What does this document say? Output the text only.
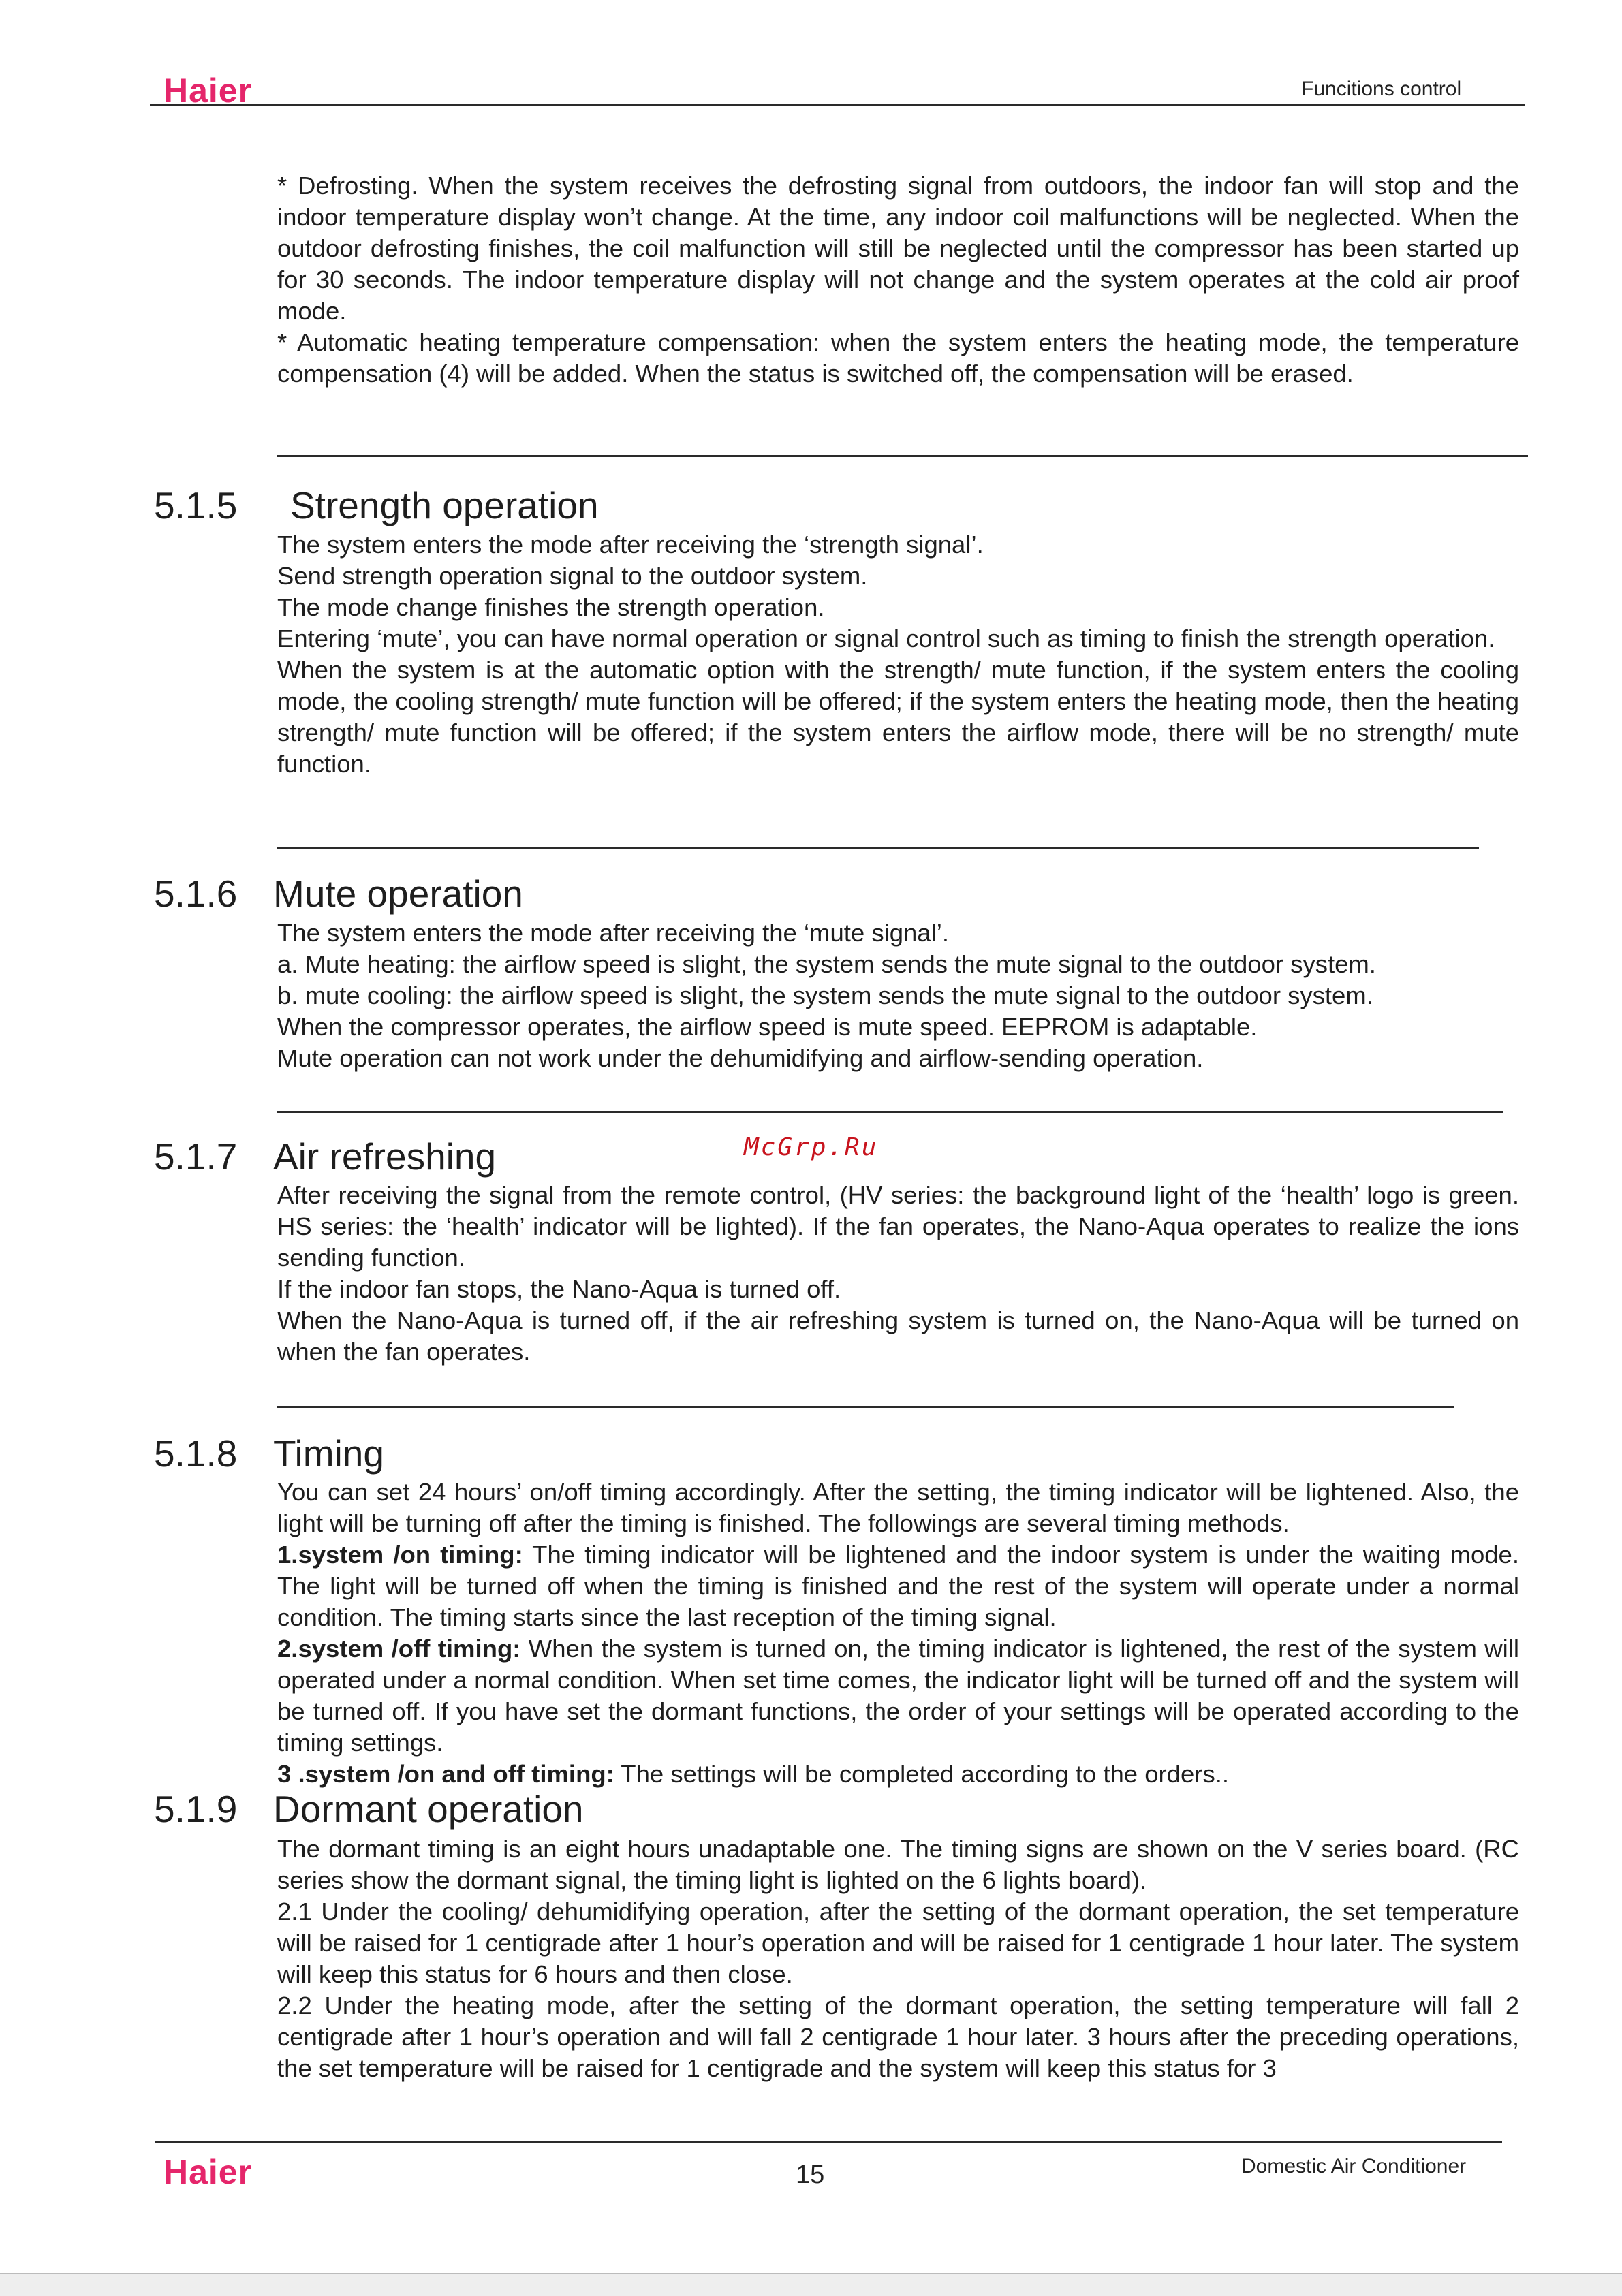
Haier	Funcitions control

* Defrosting. When the system receives the defrosting signal from outdoors, the indoor fan will stop and the indoor temperature display won’t change. At the time, any indoor coil malfunctions will be neglected. When the outdoor defrosting finishes, the coil malfunction will still be neglected until the compressor has been started up for 30 seconds. The indoor temperature display will not change and the system operates at the cold air proof mode.

* Automatic heating temperature compensation: when the system enters the heating mode, the temperature compensation (4) will be added. When the status is switched off, the compensation will be erased.

5.1.5 Strength operation

The system enters the mode after receiving the ‘strength signal’.

Send strength operation signal to the outdoor system.

The mode change finishes the strength operation.

Entering ‘mute’, you can have normal operation or signal control such as timing to finish the strength operation.

When the system is at the automatic option with the strength/ mute function, if the system enters the cooling mode, the cooling strength/ mute function will be offered; if the system enters the heating mode, then the heating strength/ mute function will be offered; if the system enters the airflow mode, there will be no strength/ mute function.

5.1.6 Mute operation

The system enters the mode after receiving the ‘mute signal’.

a. Mute heating: the airflow speed is slight, the system sends the mute signal to the outdoor system.

b. mute cooling: the airflow speed is slight, the system sends the mute signal to the outdoor system.

When the compressor operates, the airflow speed is mute speed. EEPROM is adaptable.

Mute operation can not work under the dehumidifying and airflow-sending operation.

McGrp.Ru
5.1.7 Air refreshing

After receiving the signal from the remote control, (HV series: the background light of the ‘health’ logo is green. HS series: the ‘health’ indicator will be lighted). If the fan operates, the Nano-Aqua operates to realize the ions sending function.

If the indoor fan stops, the Nano-Aqua is turned off.

When the Nano-Aqua is turned off, if the air refreshing system is turned on, the Nano-Aqua will be turned on when the fan operates.

5.1.8 Timing

You can set 24 hours’ on/off timing accordingly. After the setting, the timing indicator will be lightened. Also, the light will be turning off after the timing is finished. The followings are several timing methods.

1.system /on timing: The timing indicator will be lightened and the indoor system is under the waiting mode. The light will be turned off when the timing is finished and the rest of the system will operate under a normal condition. The timing starts since the last reception of the timing signal.

2.system /off timing: When the system is turned on, the timing indicator is lightened, the rest of the system will operated under a normal condition. When set time comes, the indicator light will be turned off and the system will be turned off. If you have set the dormant functions, the order of your settings will be operated according to the timing settings.

3 .system /on and off timing: The settings will be completed according to the orders..

5.1.9 Dormant operation

The dormant timing is an eight hours unadaptable one. The timing signs are shown on the V series board. (RC series show the dormant signal, the timing light is lighted on the 6 lights board).

2.1 Under the cooling/ dehumidifying operation, after the setting of the dormant operation, the set temperature will be raised for 1 centigrade after 1 hour’s operation and will be raised for 1 centigrade 1 hour later. The system will keep this status for 6 hours and then close.

2.2 Under the heating mode, after the setting of the dormant operation, the setting temperature will fall 2 centigrade after 1 hour’s operation and will fall 2 centigrade 1 hour later. 3 hours after the preceding operations, the set temperature will be raised for 1 centigrade and the system will keep this status for 3

Haier	15	Domestic Air Conditioner
